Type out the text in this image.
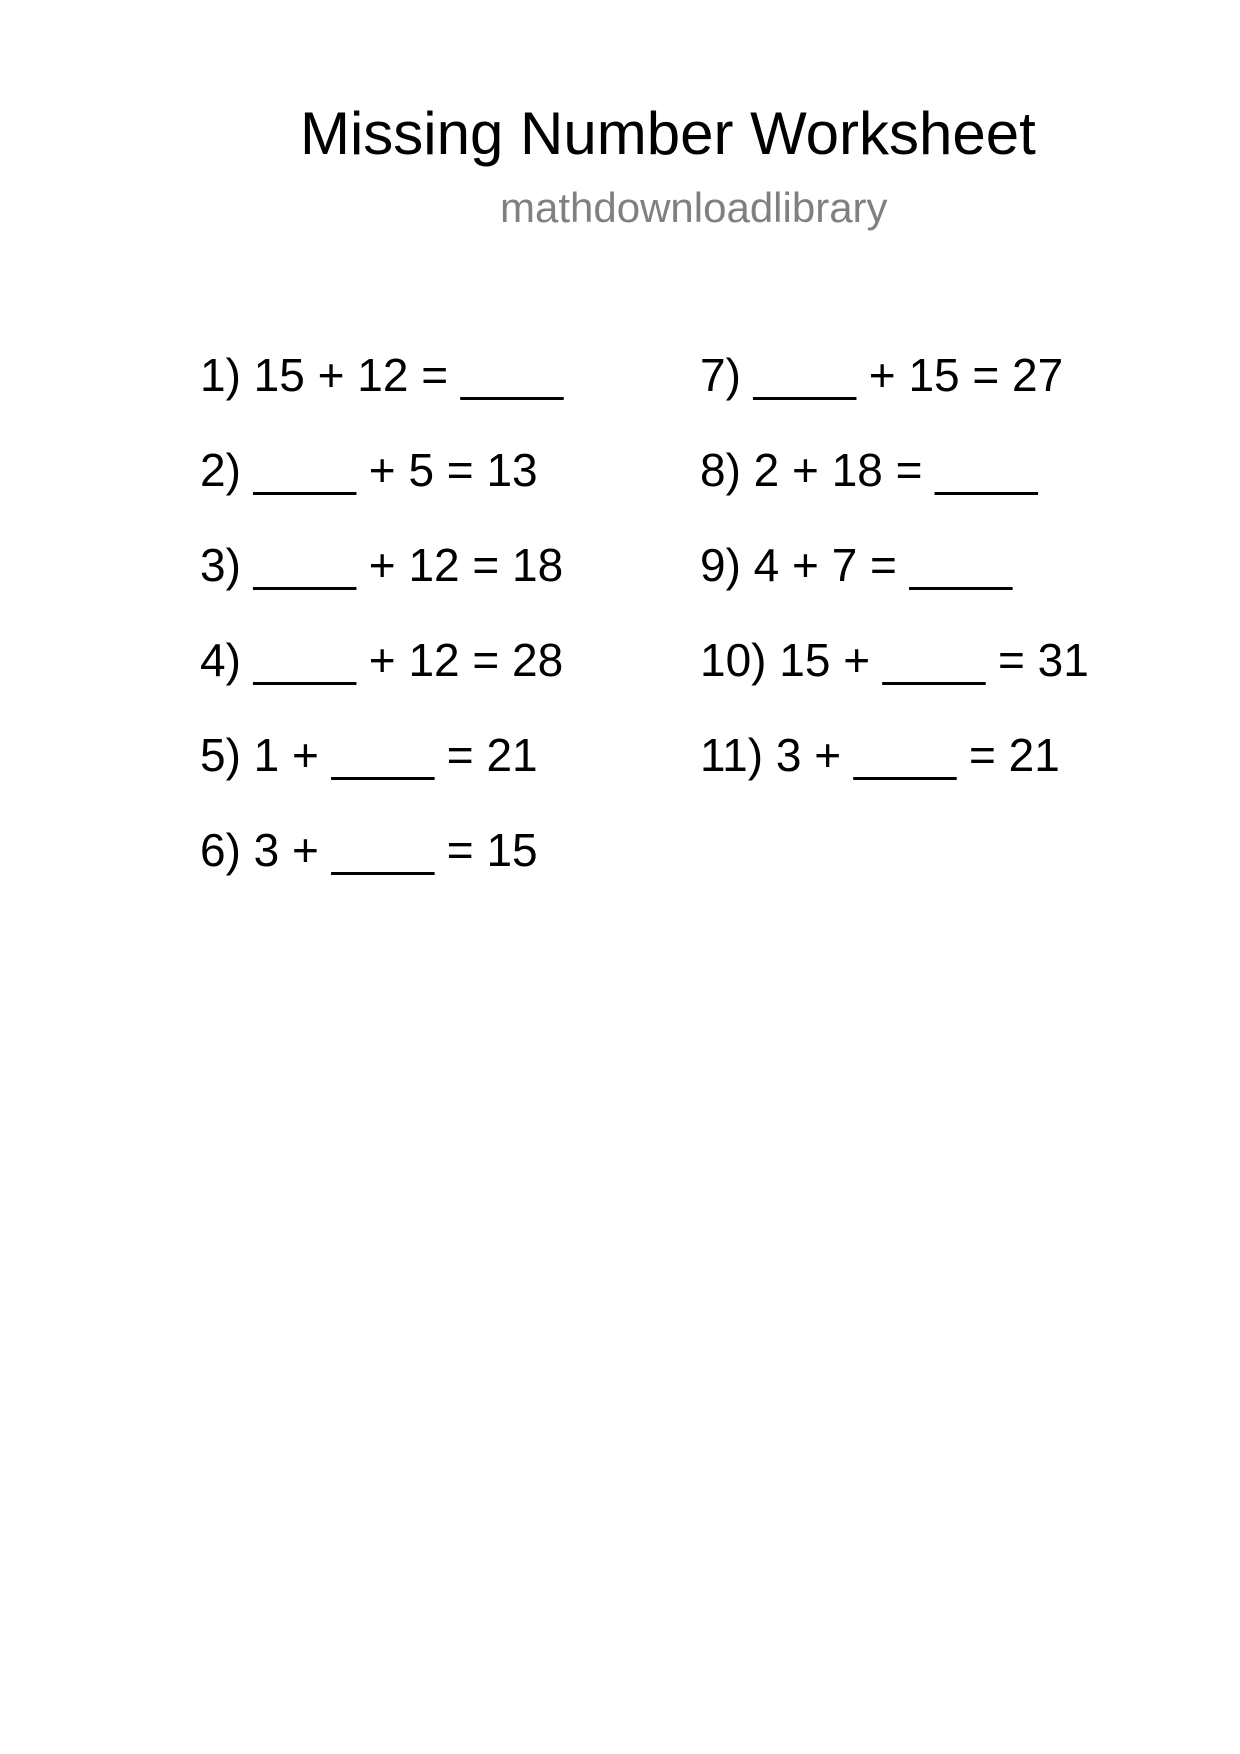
Missing Number Worksheet
mathdownloadlibrary
1) 15 + 12 = ____
2) ____ + 5 = 13
3) ____ + 12 = 18
4) ____ + 12 = 28
5) 1 + ____ = 21
6) 3 + ____ = 15
7) ____ + 15 = 27
8) 2 + 18 = ____
9) 4 + 7 = ____
10) 15 + ____ = 31
11) 3 + ____ = 21
